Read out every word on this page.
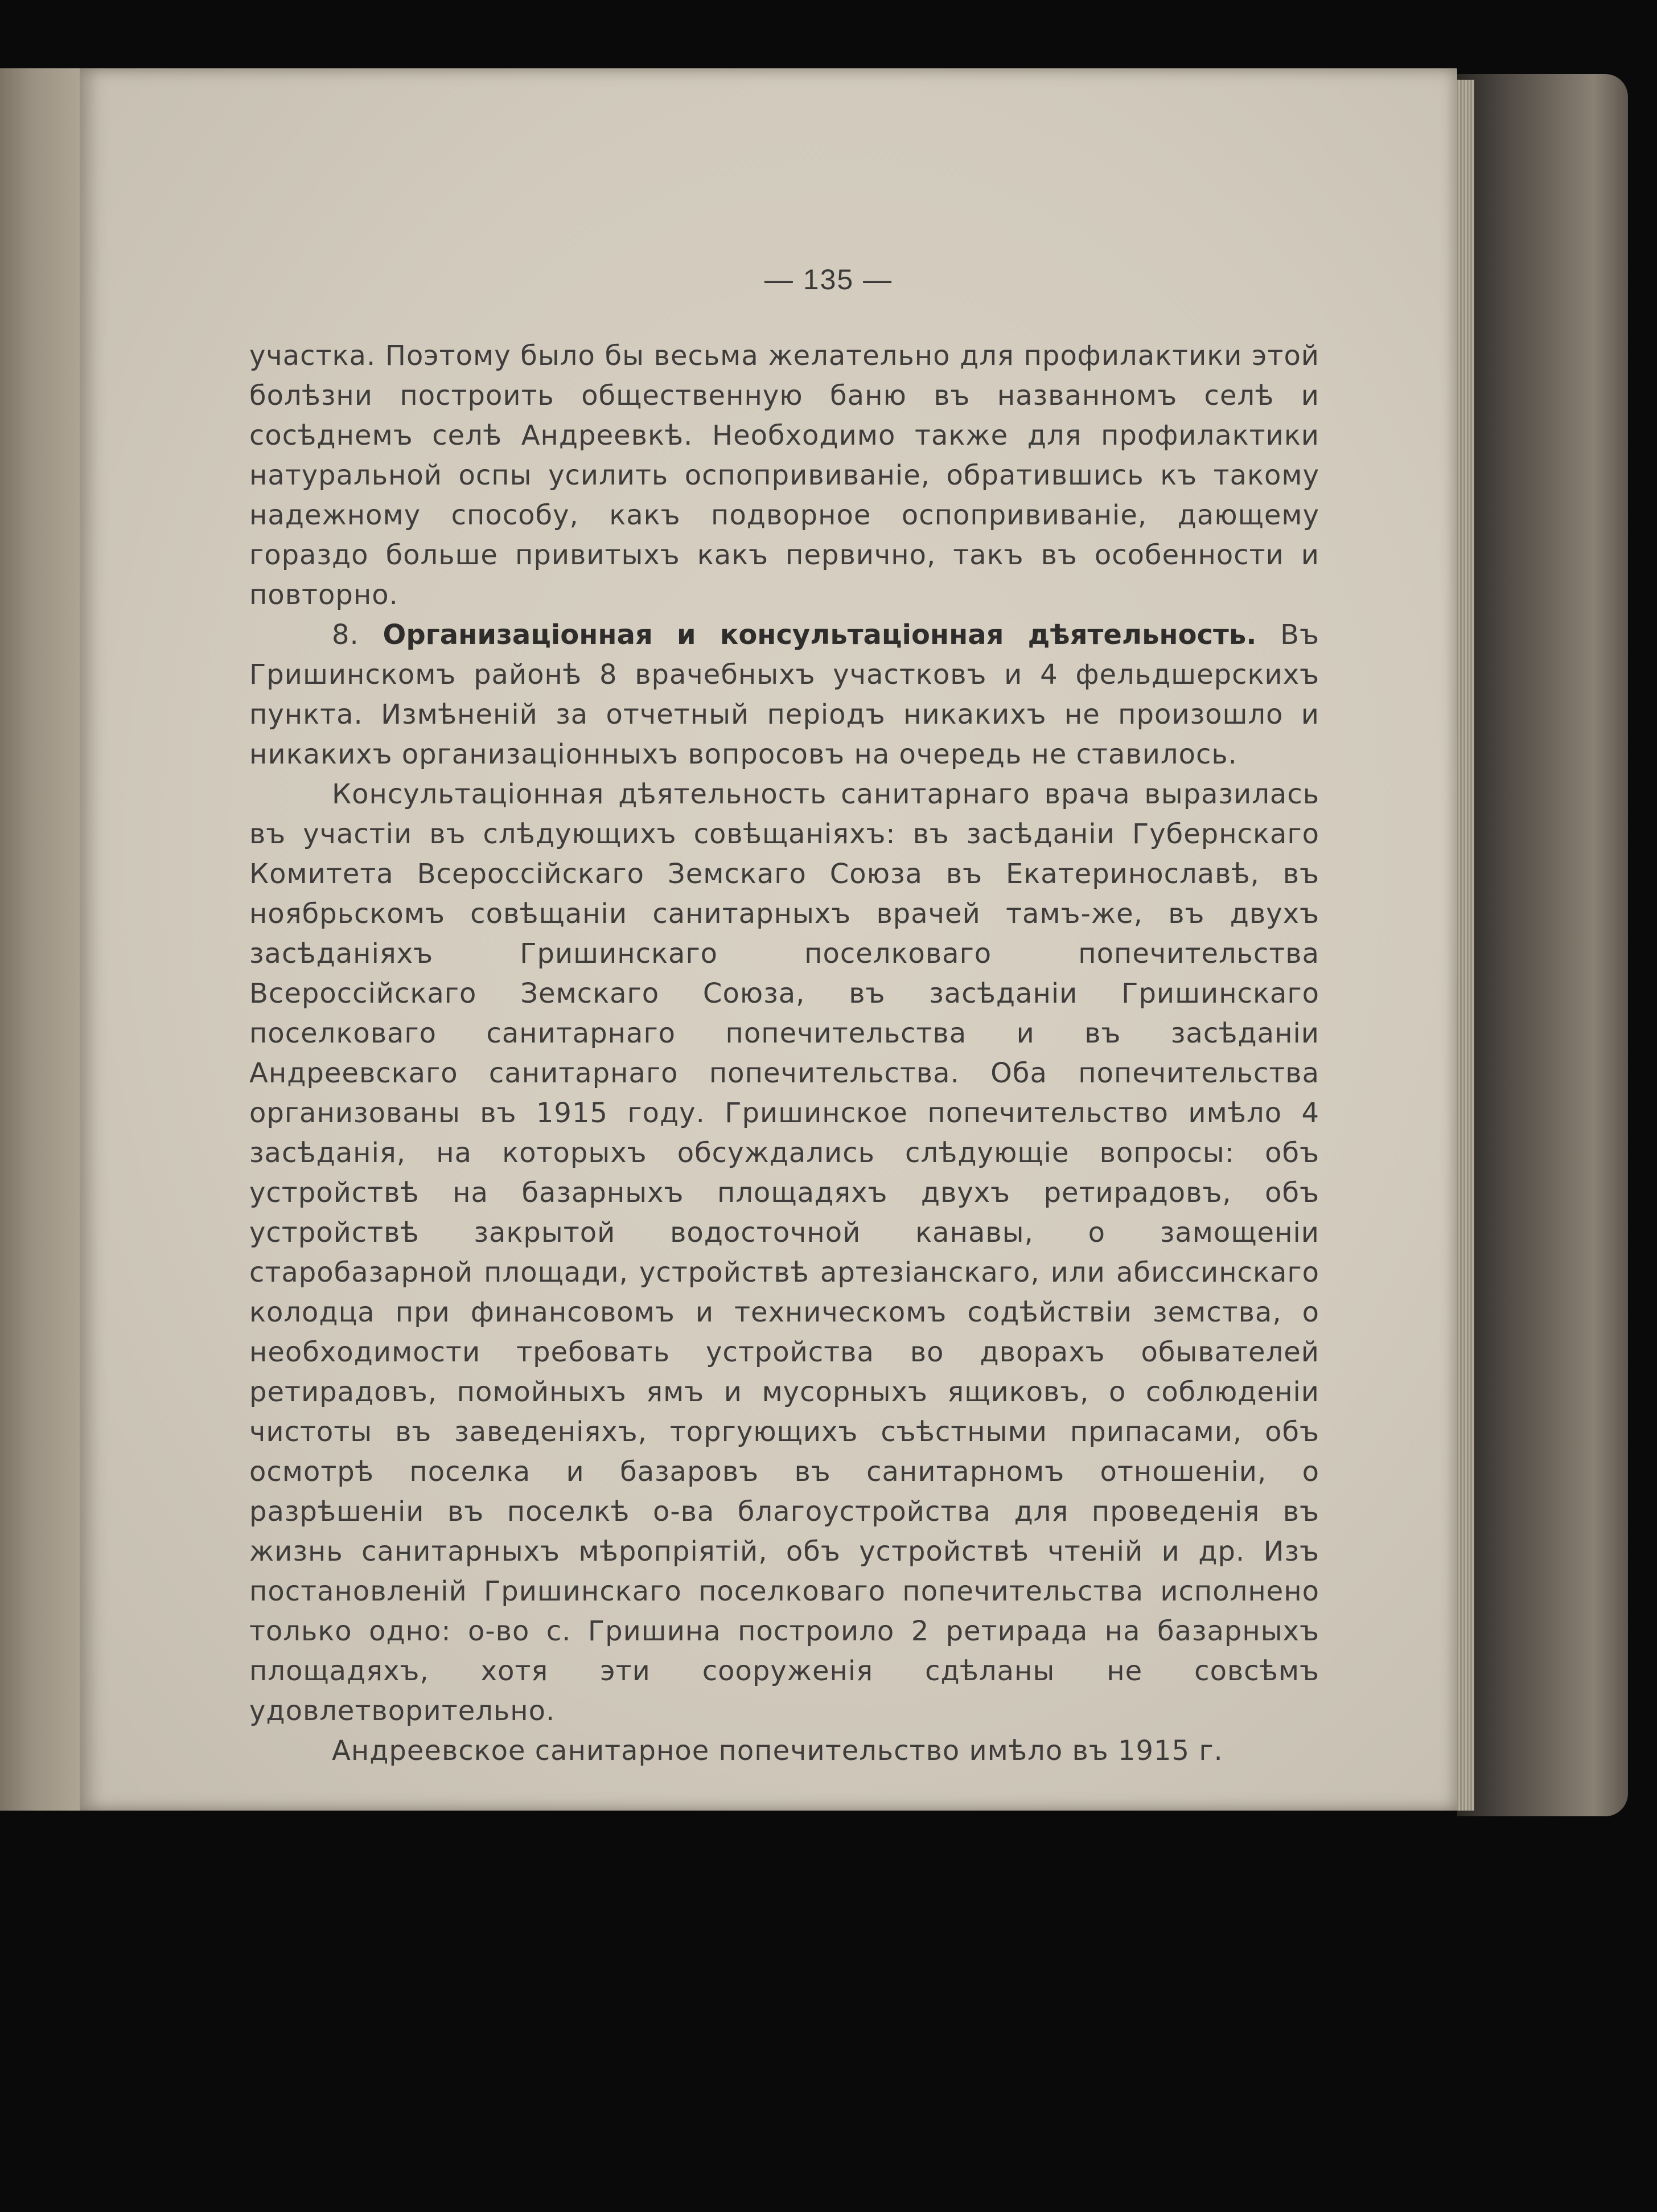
— 135 —

участка. Поэтому было бы весьма желательно для профилактики этой болѣзни построить общественную баню въ названномъ селѣ и сосѣднемъ селѣ Андреевкѣ. Необходимо также для профилактики натуральной оспы усилить оспопрививаніе, обратившись къ такому надежному способу, какъ подворное оспопрививаніе, дающему гораздо больше привитыхъ какъ первично, такъ въ особенности и повторно.

8. Организаціонная и консультаціонная дѣятельность. Въ Гришинскомъ районѣ 8 врачебныхъ участковъ и 4 фельдшерскихъ пункта. Измѣненій за отчетный періодъ никакихъ не произошло и никакихъ организаціонныхъ вопросовъ на очередь не ставилось.

Консультаціонная дѣятельность санитарнаго врача выразилась въ участіи въ слѣдующихъ совѣщаніяхъ: въ засѣданіи Губернскаго Комитета Всероссійскаго Земскаго Союза въ Екатеринославѣ, въ ноябрьскомъ совѣщаніи санитарныхъ врачей тамъ-же, въ двухъ засѣданіяхъ Гришинскаго поселковаго попечительства Всероссійскаго Земскаго Союза, въ засѣданіи Гришинскаго поселковаго санитарнаго попечительства и въ засѣданіи Андреевскаго санитарнаго попечительства. Оба попечительства организованы въ 1915 году. Гришинское попечительство имѣло 4 засѣданія, на которыхъ обсуждались слѣдующіе вопросы: объ устройствѣ на базарныхъ площадяхъ двухъ ретирадовъ, объ устройствѣ закрытой водосточной канавы, о замощеніи старобазарной площади, устройствѣ артезіанскаго, или абиссинскаго колодца при финансовомъ и техническомъ содѣйствіи земства, о необходимости требовать устройства во дворахъ обывателей ретирадовъ, помойныхъ ямъ и мусорныхъ ящиковъ, о соблюденіи чистоты въ заведеніяхъ, торгующихъ съѣстными припасами, объ осмотрѣ поселка и базаровъ въ санитарномъ отношеніи, о разрѣшеніи въ поселкѣ о-ва благоустройства для проведенія въ жизнь санитарныхъ мѣропріятій, объ устройствѣ чтеній и др. Изъ постановленій Гришинскаго поселковаго попечительства исполнено только одно: о-во с. Гришина построило 2 ретирада на базарныхъ площадяхъ, хотя эти сооруженія сдѣланы не совсѣмъ удовлетворительно.

Андреевское санитарное попечительство имѣло въ 1915 г.
